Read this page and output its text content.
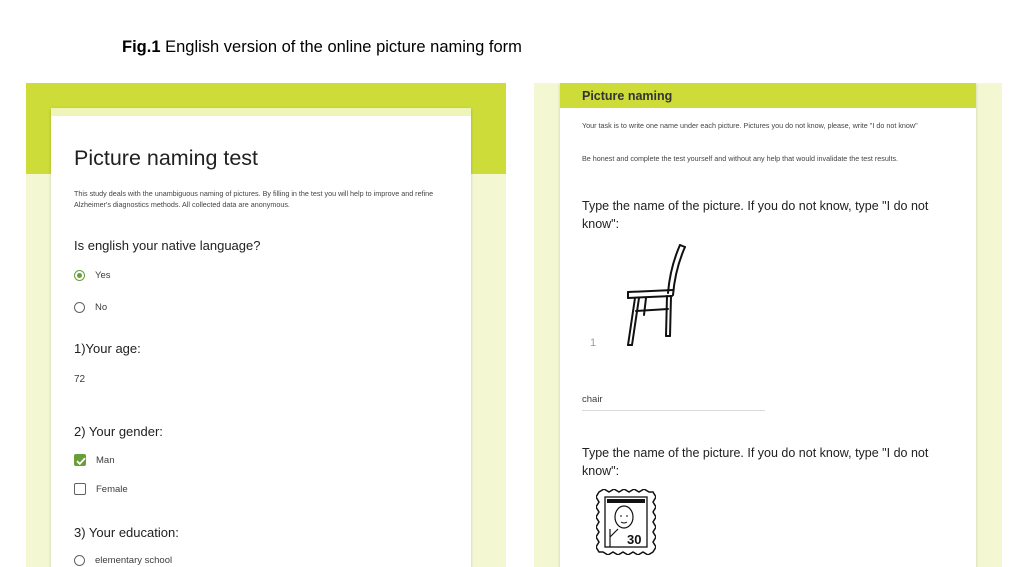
Fig.1 English version of the online picture naming form
Picture naming test
This study deals with the unambiguous naming of pictures. By filling in the test you will help to improve and refine Alzheimer's diagnostics methods. All collected data are anonymous.
Is english your native language?
Yes
No
1)Your age:
72
2) Your gender:
Man
Female
3) Your education:
elementary school
Picture naming
Your task is to write one name under each picture. Pictures you do not know, please, write "I do not know"
Be honest and complete the test yourself and without any help that would invalidate the test results.
Type the name of the picture. If you do not know, type "I do not know":
1
chair
Type the name of the picture. If you do not know, type "I do not know":
30
